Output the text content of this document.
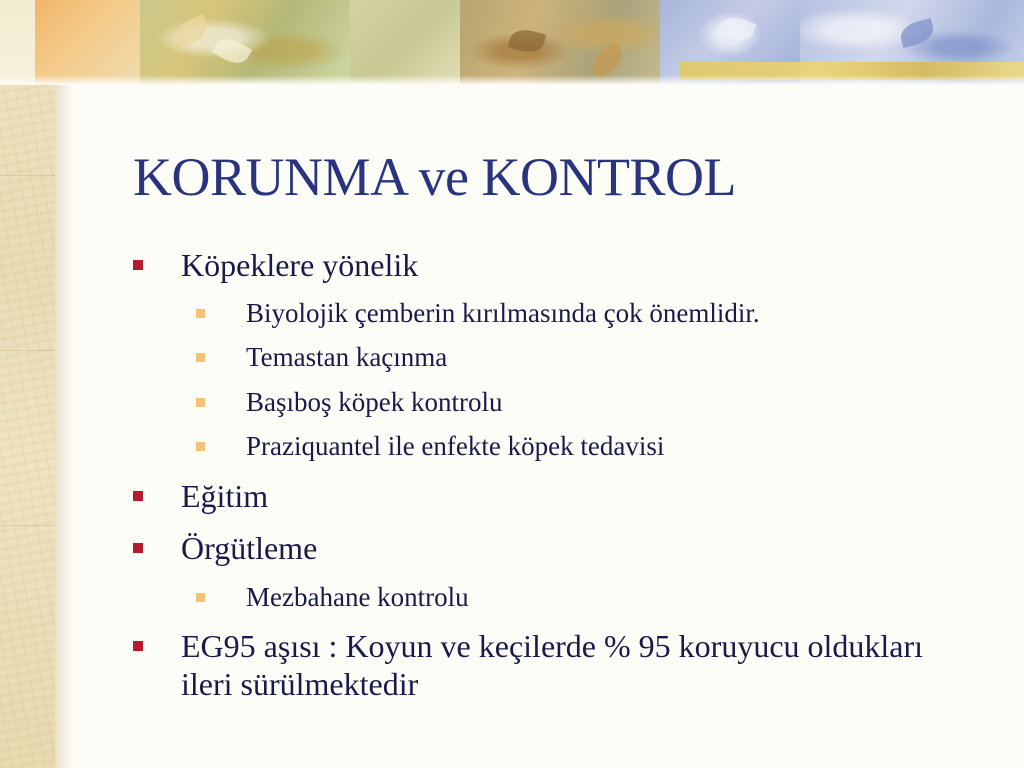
KORUNMA ve KONTROL
Köpeklere yönelik
Biyolojik çemberin kırılmasında çok önemlidir.
Temastan kaçınma
Başıboş köpek kontrolu
Praziquantel ile enfekte köpek tedavisi
Eğitim
Örgütleme
Mezbahane kontrolu
EG95 aşısı : Koyun ve keçilerde % 95 koruyucu oldukları ileri sürülmektedir
